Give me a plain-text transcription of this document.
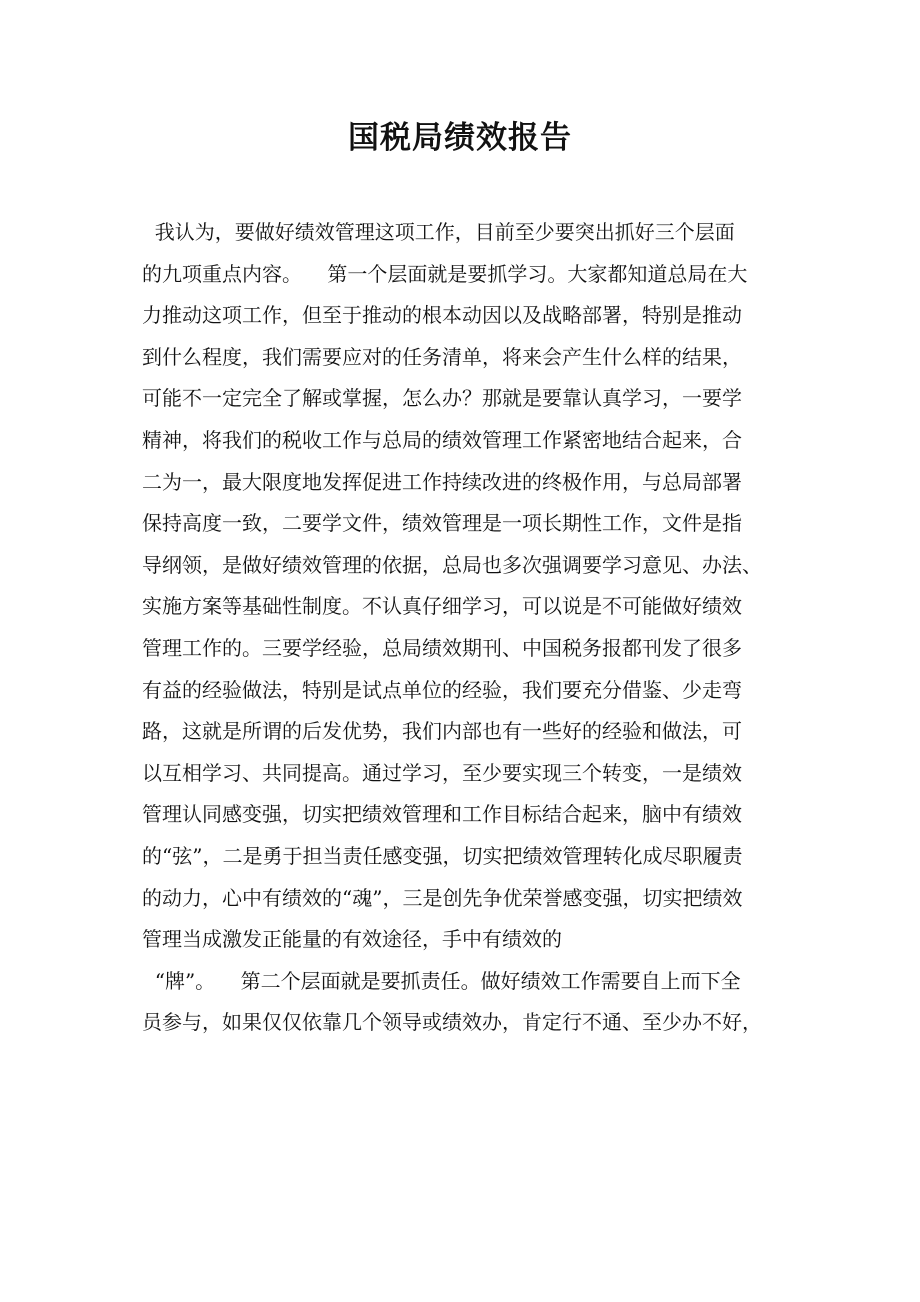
国税局绩效报告
我认为，要做好绩效管理这项工作，目前至少要突出抓好三个层面
的九项重点内容。    第一个层面就是要抓学习。大家都知道总局在大
力推动这项工作，但至于推动的根本动因以及战略部署，特别是推动
到什么程度，我们需要应对的任务清单，将来会产生什么样的结果，
可能不一定完全了解或掌握，怎么办？那就是要靠认真学习，一要学
精神，将我们的税收工作与总局的绩效管理工作紧密地结合起来，合
二为一，最大限度地发挥促进工作持续改进的终极作用，与总局部署
保持高度一致，二要学文件，绩效管理是一项长期性工作，文件是指
导纲领，是做好绩效管理的依据，总局也多次强调要学习意见、办法、
实施方案等基础性制度。不认真仔细学习，可以说是不可能做好绩效
管理工作的。三要学经验，总局绩效期刊、中国税务报都刊发了很多
有益的经验做法，特别是试点单位的经验，我们要充分借鉴、少走弯
路，这就是所谓的后发优势，我们内部也有一些好的经验和做法，可
以互相学习、共同提高。通过学习，至少要实现三个转变，一是绩效
管理认同感变强，切实把绩效管理和工作目标结合起来，脑中有绩效
的“弦”，二是勇于担当责任感变强，切实把绩效管理转化成尽职履责
的动力，心中有绩效的“魂”，三是创先争优荣誉感变强，切实把绩效
管理当成激发正能量的有效途径，手中有绩效的
“牌”。    第二个层面就是要抓责任。做好绩效工作需要自上而下全
员参与，如果仅仅依靠几个领导或绩效办，肯定行不通、至少办不好，
